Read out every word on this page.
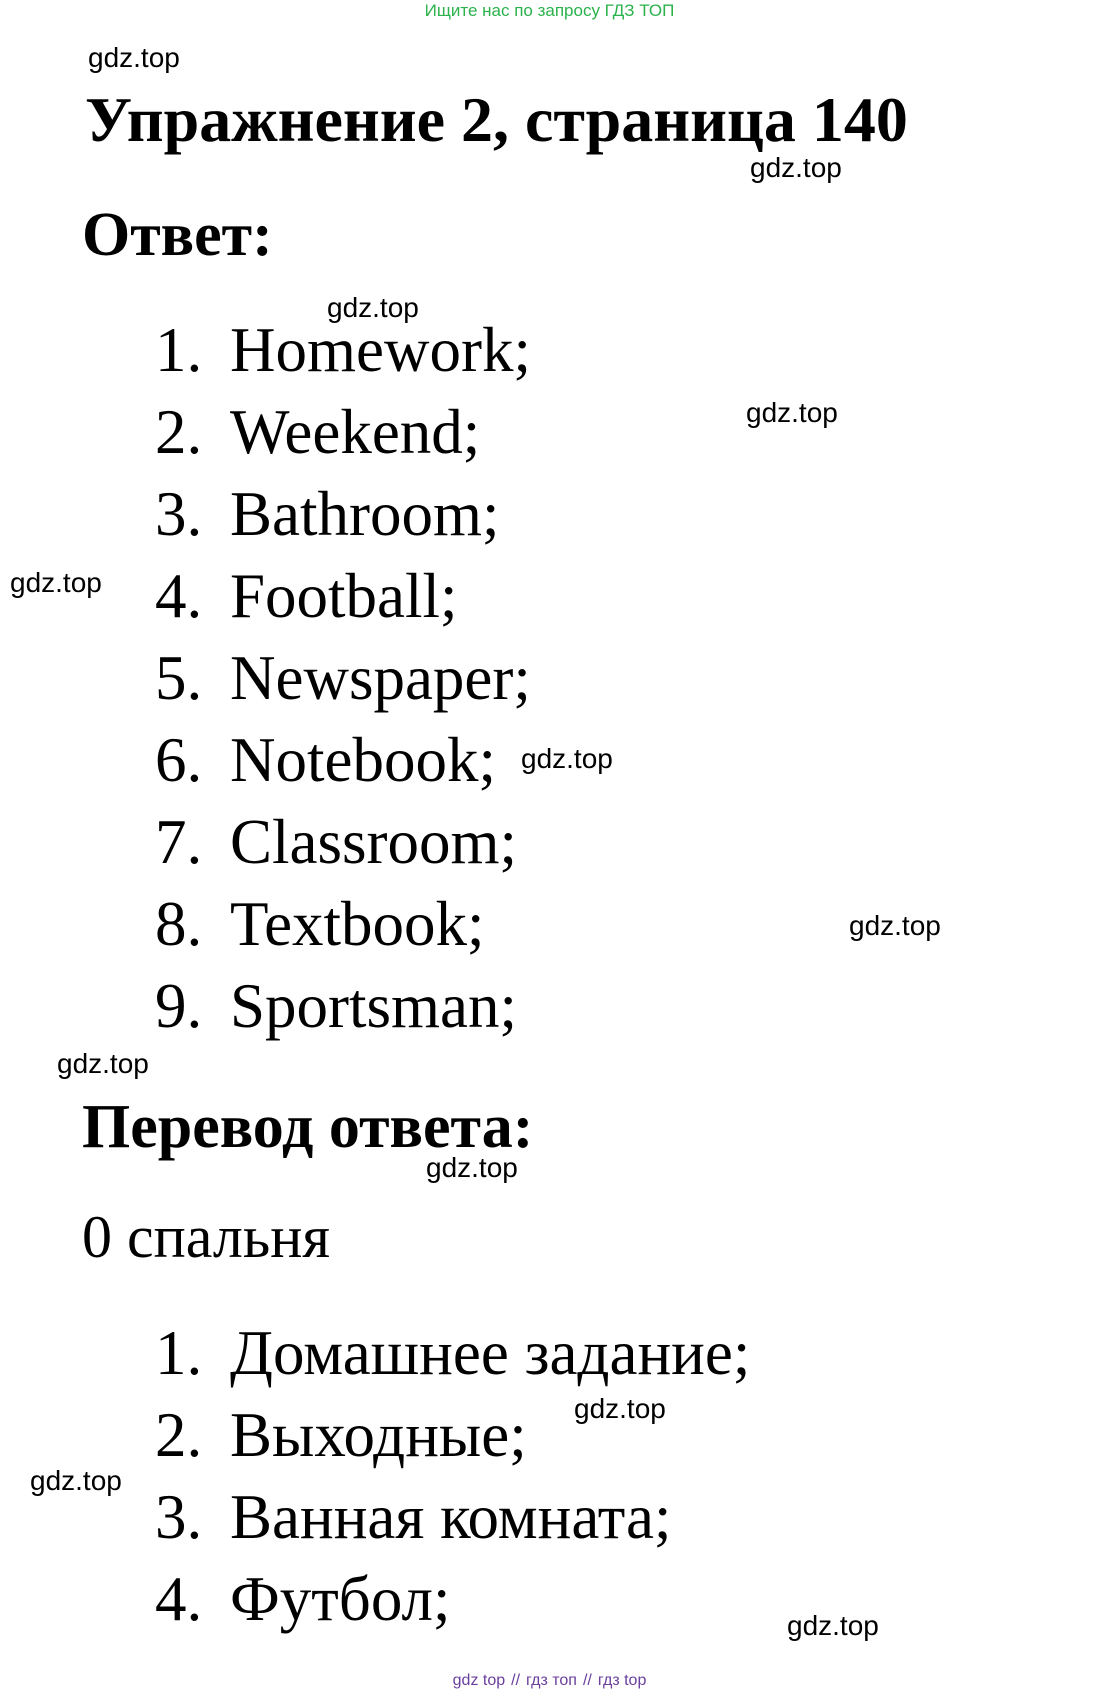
Ищите нас по запросу ГДЗ ТОП
gdz.top
Упражнение 2, страница 140
gdz.top
Ответ:
gdz.top
1. Homework;
2. Weekend;
3. Bathroom;
4. Football;
5. Newspaper;
6. Notebook;
7. Classroom;
8. Textbook;
9. Sportsman;
gdz.top
gdz.top
gdz.top
gdz.top
gdz.top
Перевод ответа:
gdz.top
0 спальня
1. Домашнее задание;
2. Выходные;
3. Ванная комната;
4. Футбол;
gdz.top
gdz.top
gdz.top
gdz top // гдз топ // гдз top
